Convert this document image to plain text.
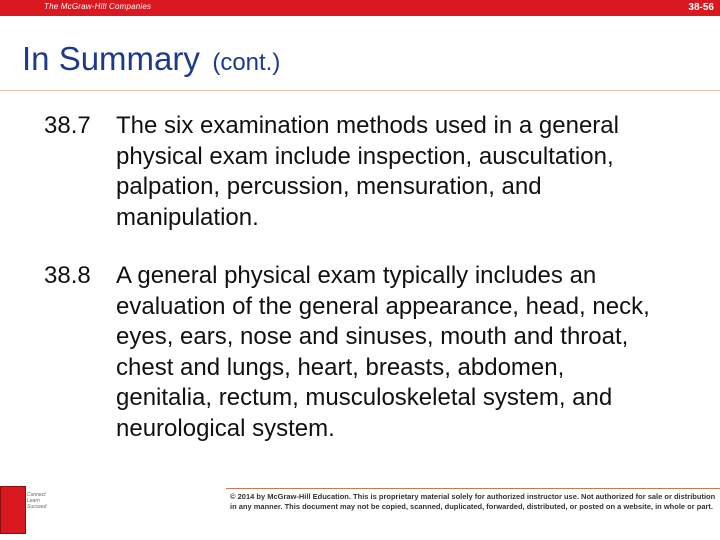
The McGraw-Hill Companies	38-56
In Summary (cont.)
38.7	The six examination methods used in a general physical exam include inspection, auscultation, palpation, percussion, mensuration, and manipulation.
38.8	A general physical exam typically includes an evaluation of the general appearance, head, neck, eyes, ears, nose and sinuses, mouth and throat, chest and lungs, heart, breasts, abdomen, genitalia, rectum, musculoskeletal system, and neurological system.
Connect Learn Succeed
© 2014 by McGraw-Hill Education. This is proprietary material solely for authorized instructor use. Not authorized for sale or distribution in any manner. This document may not be copied, scanned, duplicated, forwarded, distributed, or posted on a website, in whole or part.
